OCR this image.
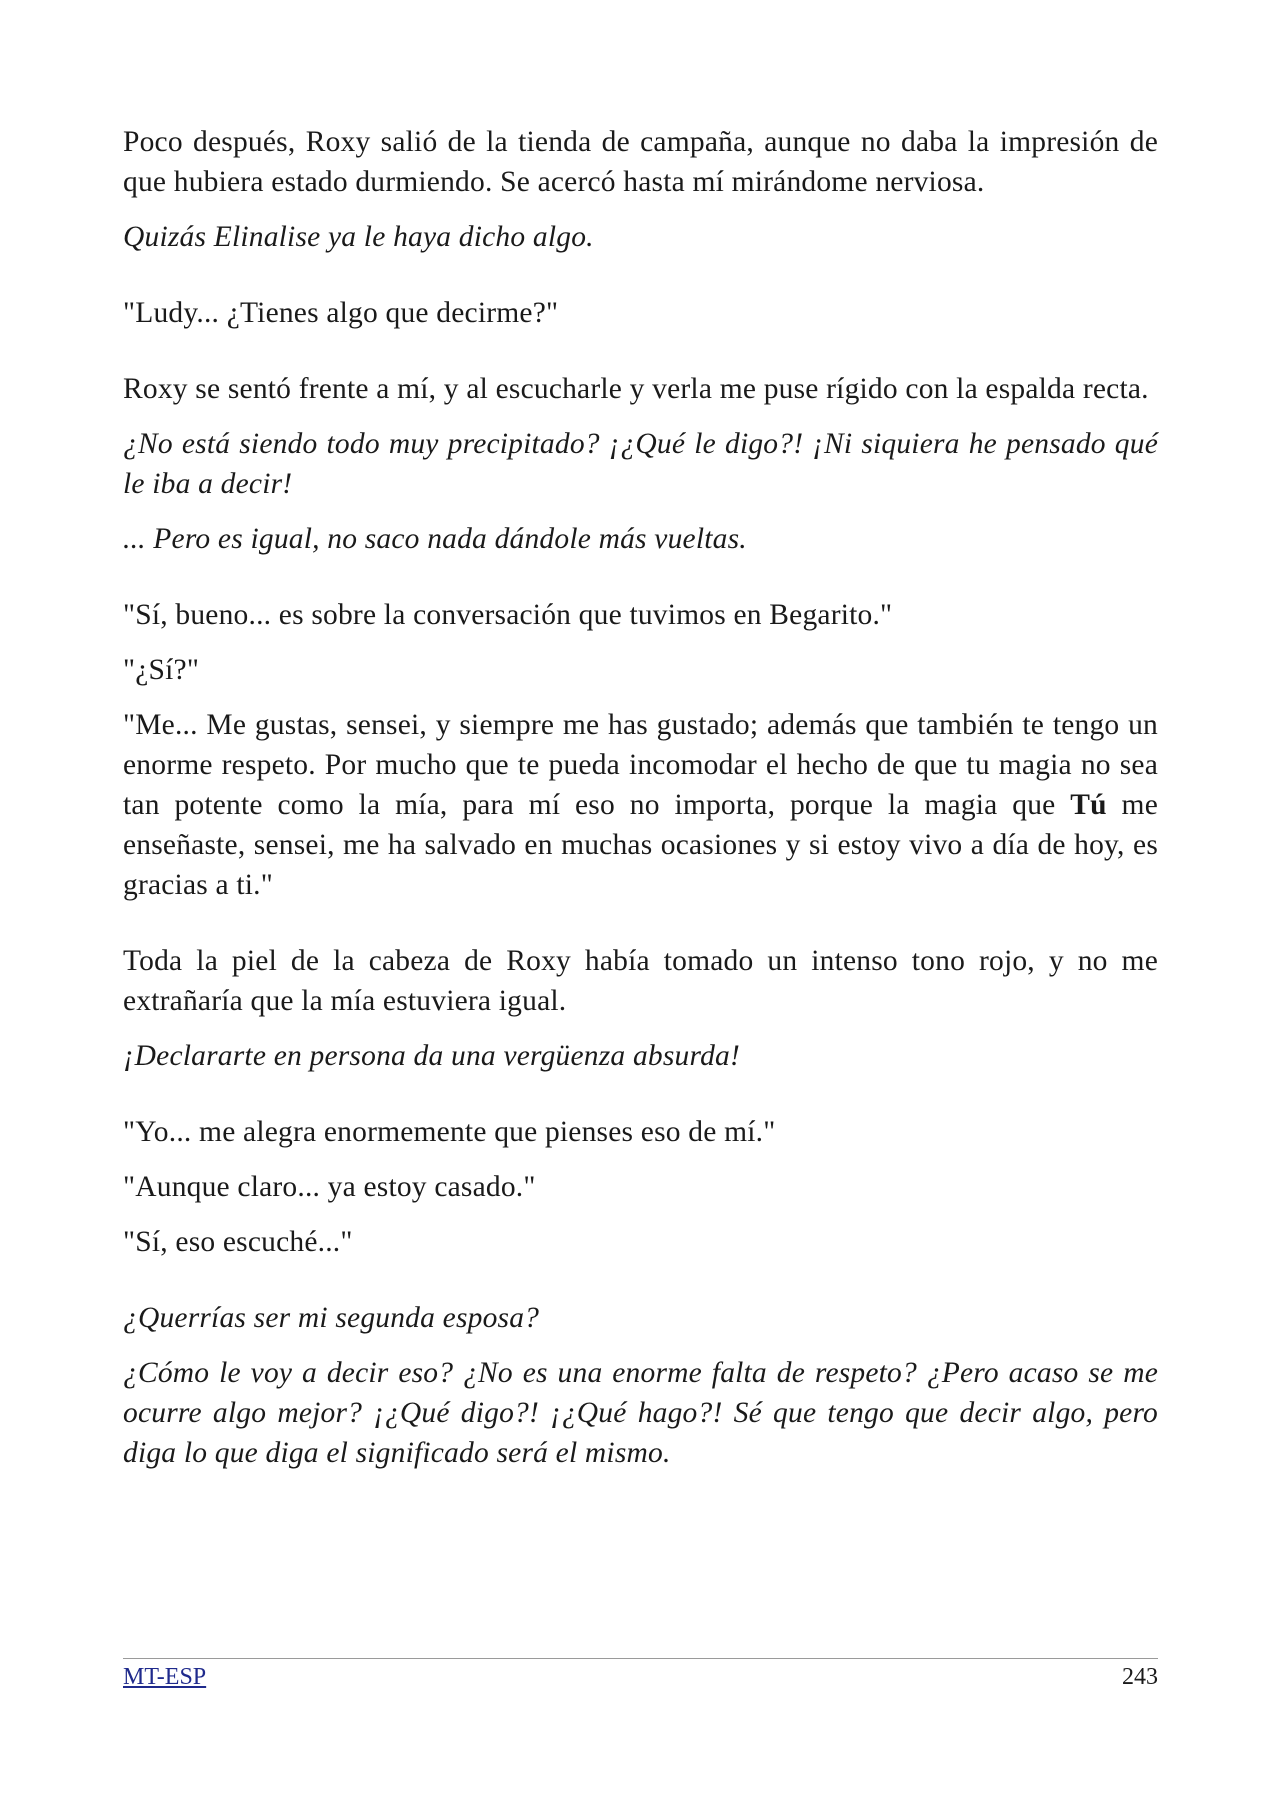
Poco después, Roxy salió de la tienda de campaña, aunque no daba la impresión de que hubiera estado durmiendo. Se acercó hasta mí mirándome nerviosa.

Quizás Elinalise ya le haya dicho algo.

"Ludy... ¿Tienes algo que decirme?"

Roxy se sentó frente a mí, y al escucharle y verla me puse rígido con la espalda recta.

¿No está siendo todo muy precipitado? ¡¿Qué le digo?! ¡Ni siquiera he pensado qué le iba a decir!

... Pero es igual, no saco nada dándole más vueltas.

"Sí, bueno... es sobre la conversación que tuvimos en Begarito."

"¿Sí?"

"Me... Me gustas, sensei, y siempre me has gustado; además que también te tengo un enorme respeto. Por mucho que te pueda incomodar el hecho de que tu magia no sea tan potente como la mía, para mí eso no importa, porque la magia que Tú me enseñaste, sensei, me ha salvado en muchas ocasiones y si estoy vivo a día de hoy, es gracias a ti."

Toda la piel de la cabeza de Roxy había tomado un intenso tono rojo, y no me extrañaría que la mía estuviera igual.

¡Declararte en persona da una vergüenza absurda!

"Yo... me alegra enormemente que pienses eso de mí."

"Aunque claro... ya estoy casado."

"Sí, eso escuché..."

¿Querrías ser mi segunda esposa?

¿Cómo le voy a decir eso? ¿No es una enorme falta de respeto? ¿Pero acaso se me ocurre algo mejor? ¡¿Qué digo?! ¡¿Qué hago?! Sé que tengo que decir algo, pero diga lo que diga el significado será el mismo.

MT-ESP	243
